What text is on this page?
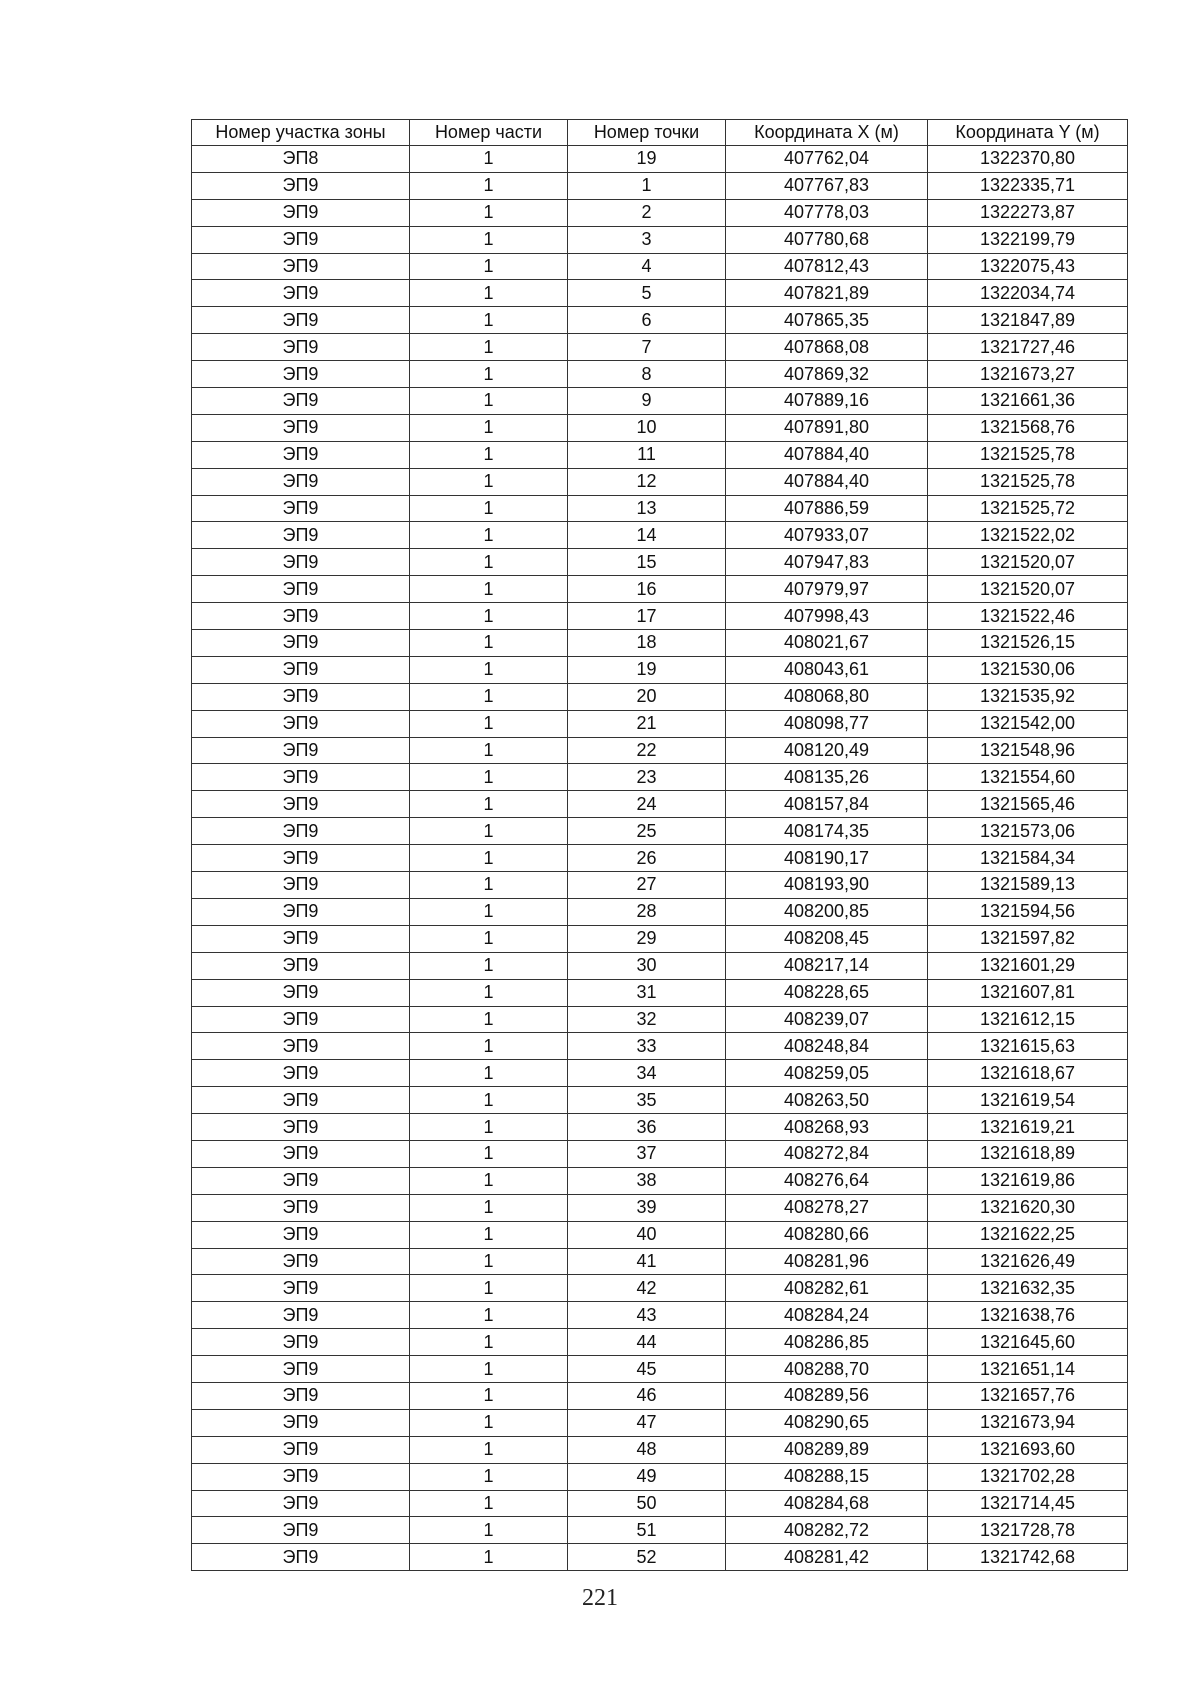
Номер участка зоны	Номер части	Номер точки	Координата X (м)	Координата Y (м)
ЭП8	1	19	407762,04	1322370,80
ЭП9	1	1	407767,83	1322335,71
ЭП9	1	2	407778,03	1322273,87
ЭП9	1	3	407780,68	1322199,79
ЭП9	1	4	407812,43	1322075,43
ЭП9	1	5	407821,89	1322034,74
ЭП9	1	6	407865,35	1321847,89
ЭП9	1	7	407868,08	1321727,46
ЭП9	1	8	407869,32	1321673,27
ЭП9	1	9	407889,16	1321661,36
ЭП9	1	10	407891,80	1321568,76
ЭП9	1	11	407884,40	1321525,78
ЭП9	1	12	407884,40	1321525,78
ЭП9	1	13	407886,59	1321525,72
ЭП9	1	14	407933,07	1321522,02
ЭП9	1	15	407947,83	1321520,07
ЭП9	1	16	407979,97	1321520,07
ЭП9	1	17	407998,43	1321522,46
ЭП9	1	18	408021,67	1321526,15
ЭП9	1	19	408043,61	1321530,06
ЭП9	1	20	408068,80	1321535,92
ЭП9	1	21	408098,77	1321542,00
ЭП9	1	22	408120,49	1321548,96
ЭП9	1	23	408135,26	1321554,60
ЭП9	1	24	408157,84	1321565,46
ЭП9	1	25	408174,35	1321573,06
ЭП9	1	26	408190,17	1321584,34
ЭП9	1	27	408193,90	1321589,13
ЭП9	1	28	408200,85	1321594,56
ЭП9	1	29	408208,45	1321597,82
ЭП9	1	30	408217,14	1321601,29
ЭП9	1	31	408228,65	1321607,81
ЭП9	1	32	408239,07	1321612,15
ЭП9	1	33	408248,84	1321615,63
ЭП9	1	34	408259,05	1321618,67
ЭП9	1	35	408263,50	1321619,54
ЭП9	1	36	408268,93	1321619,21
ЭП9	1	37	408272,84	1321618,89
ЭП9	1	38	408276,64	1321619,86
ЭП9	1	39	408278,27	1321620,30
ЭП9	1	40	408280,66	1321622,25
ЭП9	1	41	408281,96	1321626,49
ЭП9	1	42	408282,61	1321632,35
ЭП9	1	43	408284,24	1321638,76
ЭП9	1	44	408286,85	1321645,60
ЭП9	1	45	408288,70	1321651,14
ЭП9	1	46	408289,56	1321657,76
ЭП9	1	47	408290,65	1321673,94
ЭП9	1	48	408289,89	1321693,60
ЭП9	1	49	408288,15	1321702,28
ЭП9	1	50	408284,68	1321714,45
ЭП9	1	51	408282,72	1321728,78
ЭП9	1	52	408281,42	1321742,68
221
